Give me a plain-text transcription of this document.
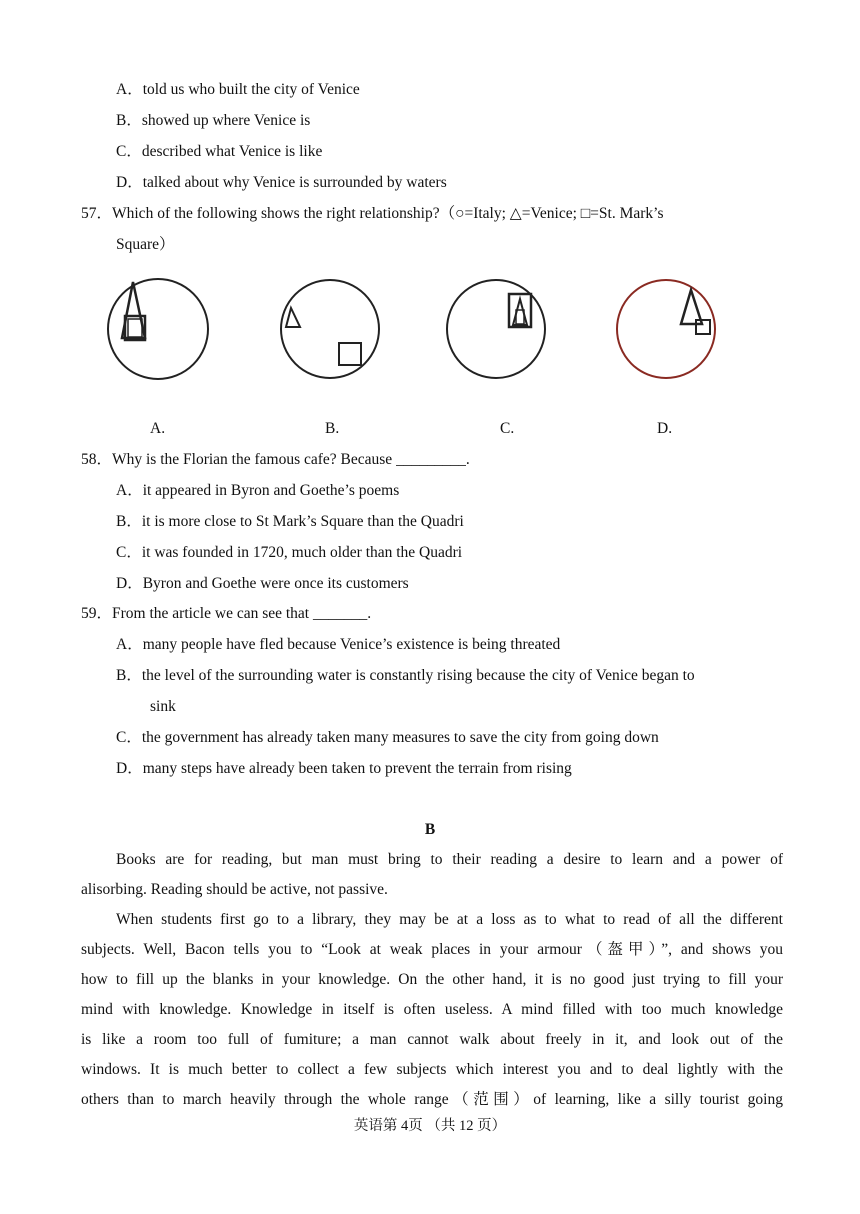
A．told us who built the city of Venice
B．showed up where Venice is
C．described what Venice is like
D．talked about why Venice is surrounded by waters
57．Which of the following shows the right relationship?（○=Italy; △=Venice; □=St. Mark’s
Square）
A.	B.	C.	D.
58．Why is the Florian the famous cafe? Because _________.
A．it appeared in Byron and Goethe’s poems
B．it is more close to St Mark’s Square than the Quadri
C．it was founded in 1720, much older than the Quadri
D．Byron and Goethe were once its customers
59．From the article we can see that _______.
A．many people have fled because Venice’s existence is being threated
B．the level of the surrounding water is constantly rising because the city of Venice began to
sink
C．the government has already taken many measures to save the city from going down
D．many steps have already been taken to prevent the terrain from rising
B
Books are for reading, but man must bring to their reading a desire to learn and a power of
alisorbing. Reading should be active, not passive.
When students first go to a library, they may be at a loss as to what to read of all the different
subjects. Well, Bacon tells you to “Look at weak places in your armour（盔甲）”, and shows you
how to fill up the blanks in your knowledge. On the other hand, it is no good just trying to fill your
mind with knowledge. Knowledge in itself is often useless. A mind filled with too much knowledge
is like a room too full of fumiture; a man cannot walk about freely in it, and look out of the
windows. It is much better to collect a few subjects which interest you and to deal lightly with the
others than to march heavily through the whole range（范围）of learning, like a silly tourist going
英语第 4页 （共 12 页）
